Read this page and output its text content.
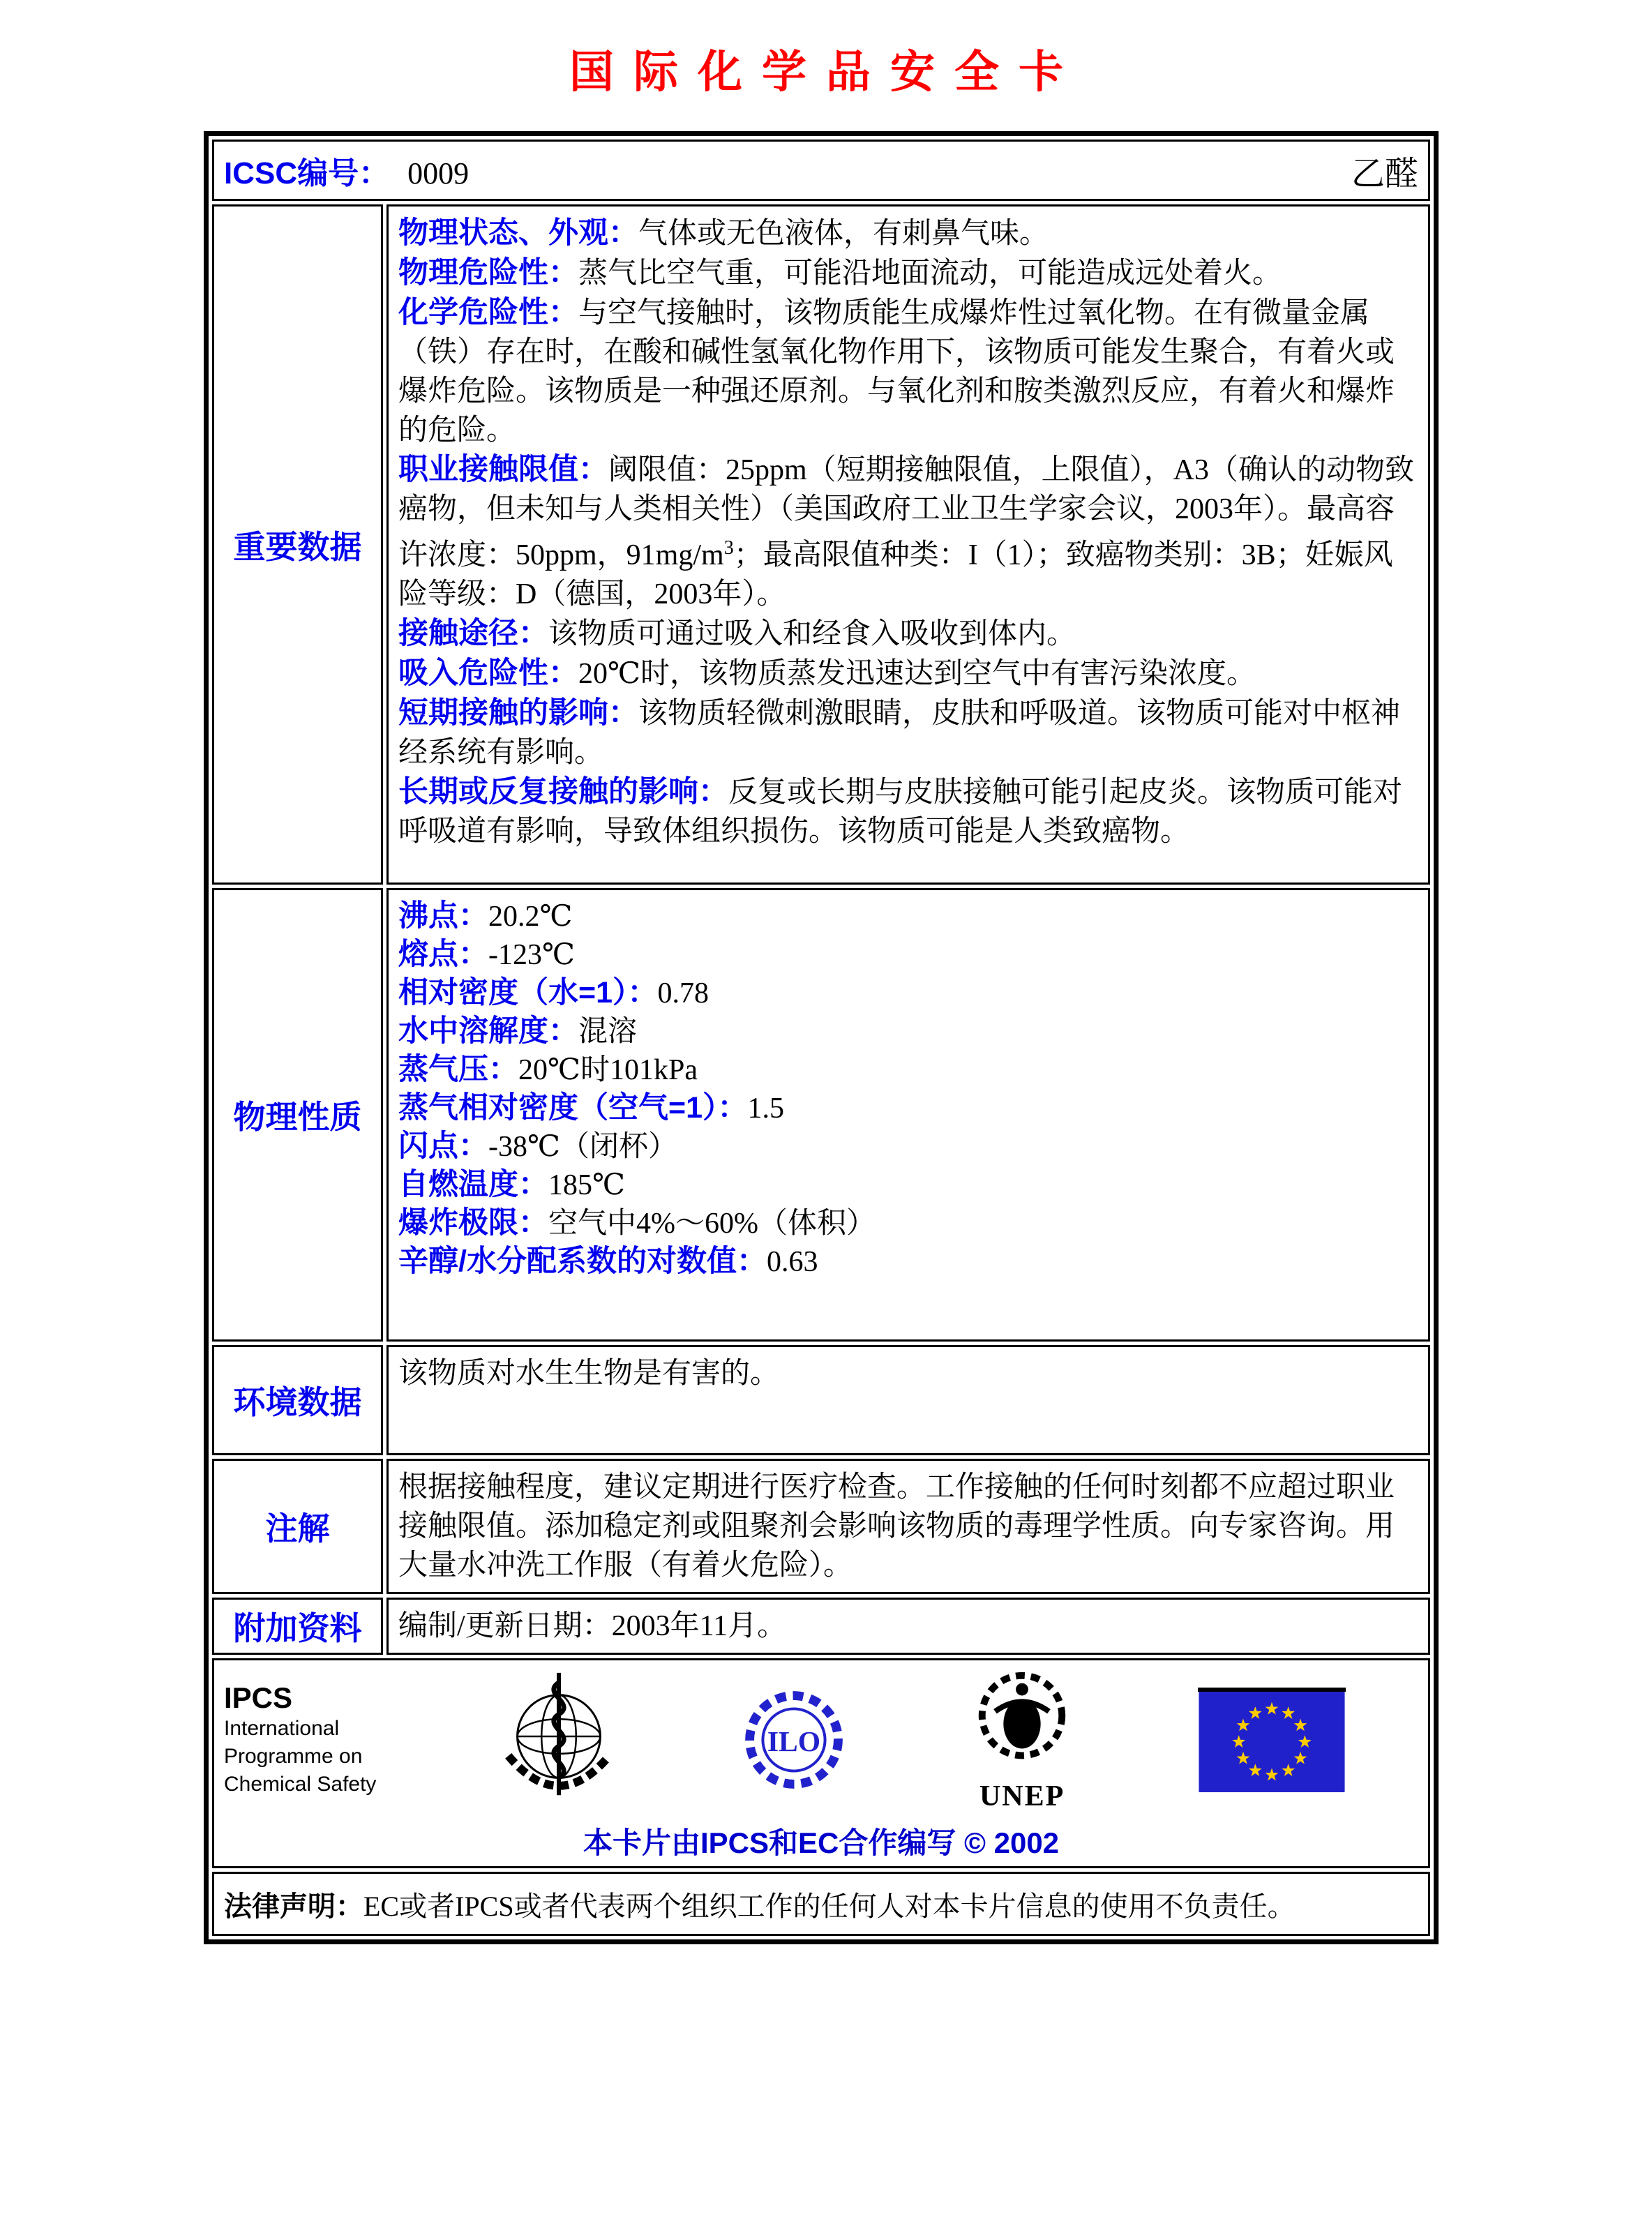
国际化学品安全卡
ICSC编号： 0009 乙醛	

重要数据	
物理状态、外观：气体或无色液体，有刺鼻气味。
物理危险性：蒸气比空气重，可能沿地面流动，可能造成远处着火。
化学危险性：与空气接触时，该物质能生成爆炸性过氧化物。在有微量金属（铁）存在时，在酸和碱性氢氧化物作用下，该物质可能发生聚合，有着火或爆炸危险。该物质是一种强还原剂。与氧化剂和胺类激烈反应，有着火和爆炸的危险。
职业接触限值：阈限值：25ppm（短期接触限值，上限值），A3（确认的动物致癌物，但未知与人类相关性）（美国政府工业卫生学家会议，2003年）。最高容许浓度：50ppm，$91mg/m^3$；最高限值种类：I（1）；致癌物类别：3B；妊娠风险等级：D（德国，2003年）。
接触途径：该物质可通过吸入和经食入吸收到体内。
吸入危险性：20℃时，该物质蒸发迅速达到空气中有害污染浓度。
短期接触的影响：该物质轻微刺激眼睛，皮肤和呼吸道。该物质可能对中枢神经系统有影响。
长期或反复接触的影响：反复或长期与皮肤接触可能引起皮炎。该物质可能对呼吸道有影响，导致体组织损伤。该物质可能是人类致癌物。

物理性质	
沸点：20.2℃
熔点：-123℃
相对密度（水=1）：0.78
水中溶解度：混溶
蒸气压：20℃时101kPa
蒸气相对密度（空气=1）：1.5
闪点：-38℃（闭杯）
自燃温度：185℃
爆炸极限：空气中4%～60%（体积）
辛醇/水分配系数的对数值：0.63

环境数据	该物质对水生生物是有害的。

注解	根据接触程度，建议定期进行医疗检查。工作接触的任何时刻都不应超过职业接触限值。添加稳定剂或阻聚剂会影响该物质的毒理学性质。向专家咨询。用大量水冲洗工作服（有着火危险）。

附加资料	编制/更新日期：2003年11月。

IPCS
International
Programme on
Chemical Safety
ILO
UNEP
本卡片由IPCS和EC合作编写 © 2002

法律声明：EC或者IPCS或者代表两个组织工作的任何人对本卡片信息的使用不负责任。	
